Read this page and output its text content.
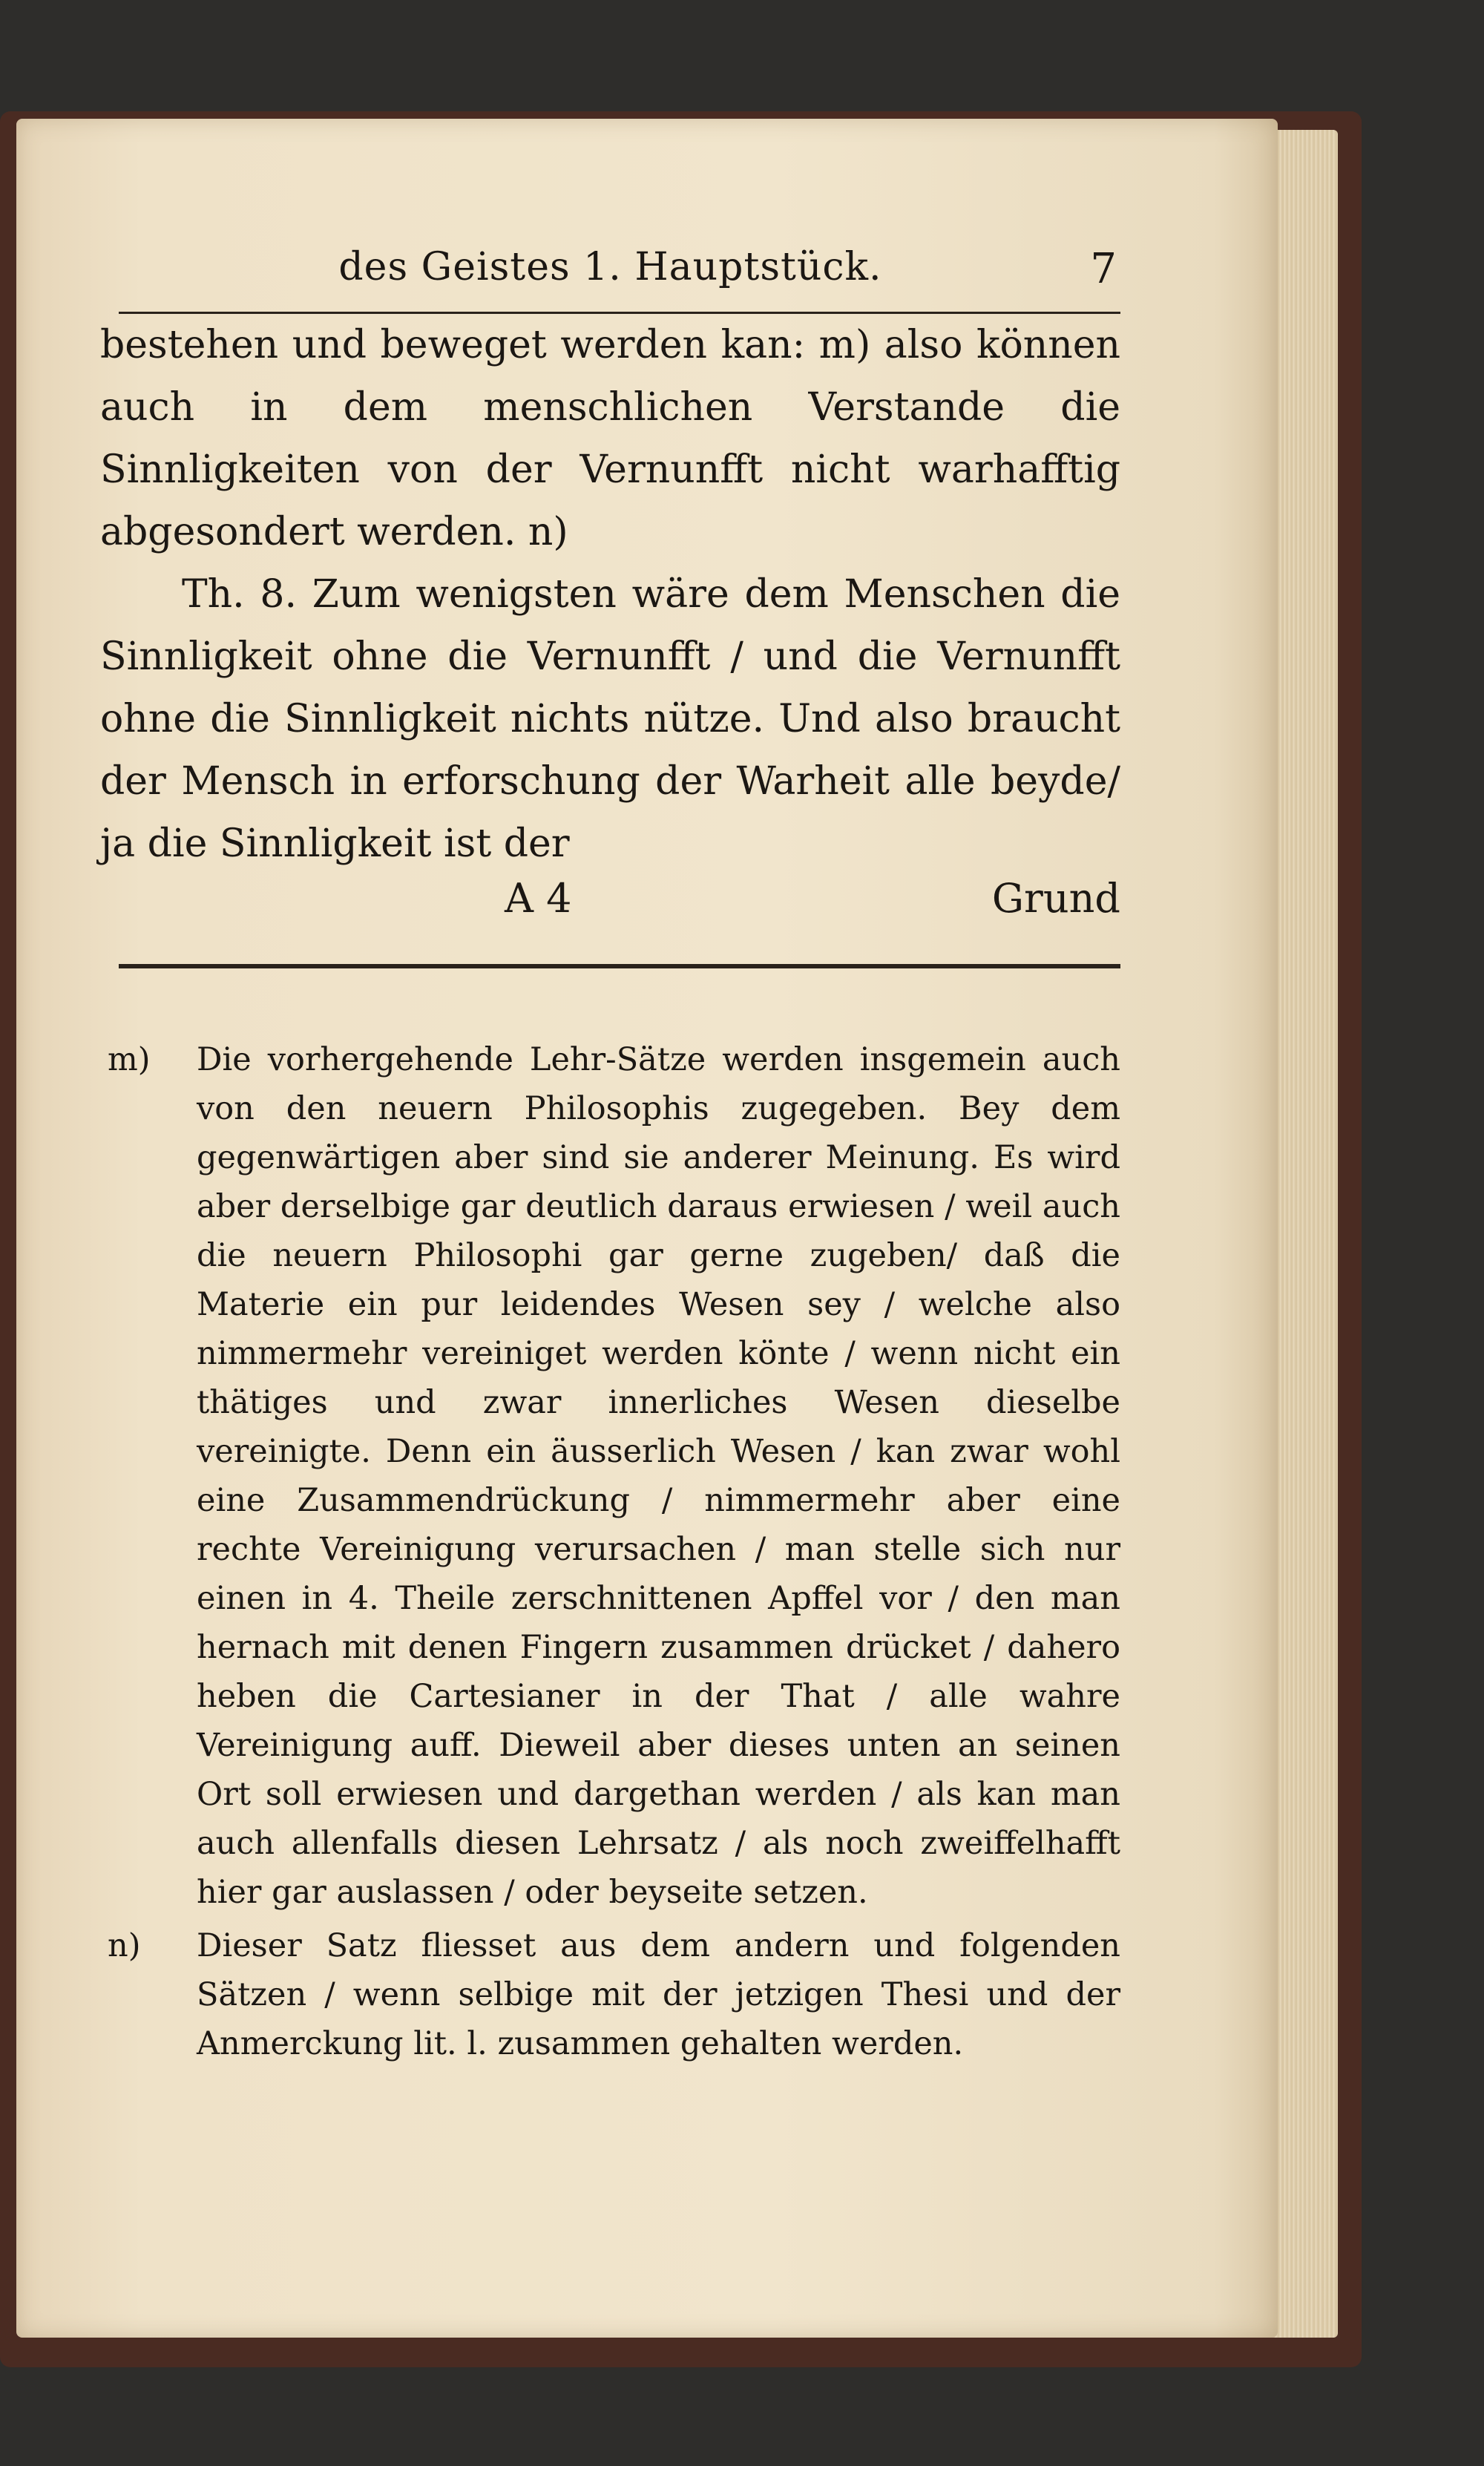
des Geistes 1. Hauptstück.	7

bestehen und beweget werden kan: m) also können auch in dem menschlichen Verstande die Sinnligkeiten von der Vernunfft nicht warhafftig abgesondert werden. n)

Th. 8. Zum wenigsten wäre dem Menschen die Sinnligkeit ohne die Vernunfft / und die Vernunfft ohne die Sinnligkeit nichts nütze. Und also braucht der Mensch in erforschung der Warheit alle beyde/ ja die Sinnligkeit ist der

A 4	Grund
m)	Die vorhergehende Lehr-Sätze werden insgemein auch von den neuern Philosophis zugegeben. Bey dem gegenwärtigen aber sind sie anderer Meinung. Es wird aber derselbige gar deutlich daraus erwiesen / weil auch die neuern Philosophi gar gerne zugeben/ daß die Materie ein pur leidendes Wesen sey / welche also nimmermehr vereiniget werden könte / wenn nicht ein thätiges und zwar innerliches Wesen dieselbe vereinigte. Denn ein äusserlich Wesen / kan zwar wohl eine Zusammendrückung / nimmermehr aber eine rechte Vereinigung verursachen / man stelle sich nur einen in 4. Theile zerschnittenen Apffel vor / den man hernach mit denen Fingern zusammen drücket / dahero heben die Cartesianer in der That / alle wahre Vereinigung auff. Dieweil aber dieses unten an seinen Ort soll erwiesen und dargethan werden / als kan man auch allenfalls diesen Lehrsatz / als noch zweiffelhafft hier gar auslassen / oder beyseite setzen.
n)	Dieser Satz fliesset aus dem andern und folgenden Sätzen / wenn selbige mit der jetzigen Thesi und der Anmerckung lit. l. zusammen gehalten werden.
